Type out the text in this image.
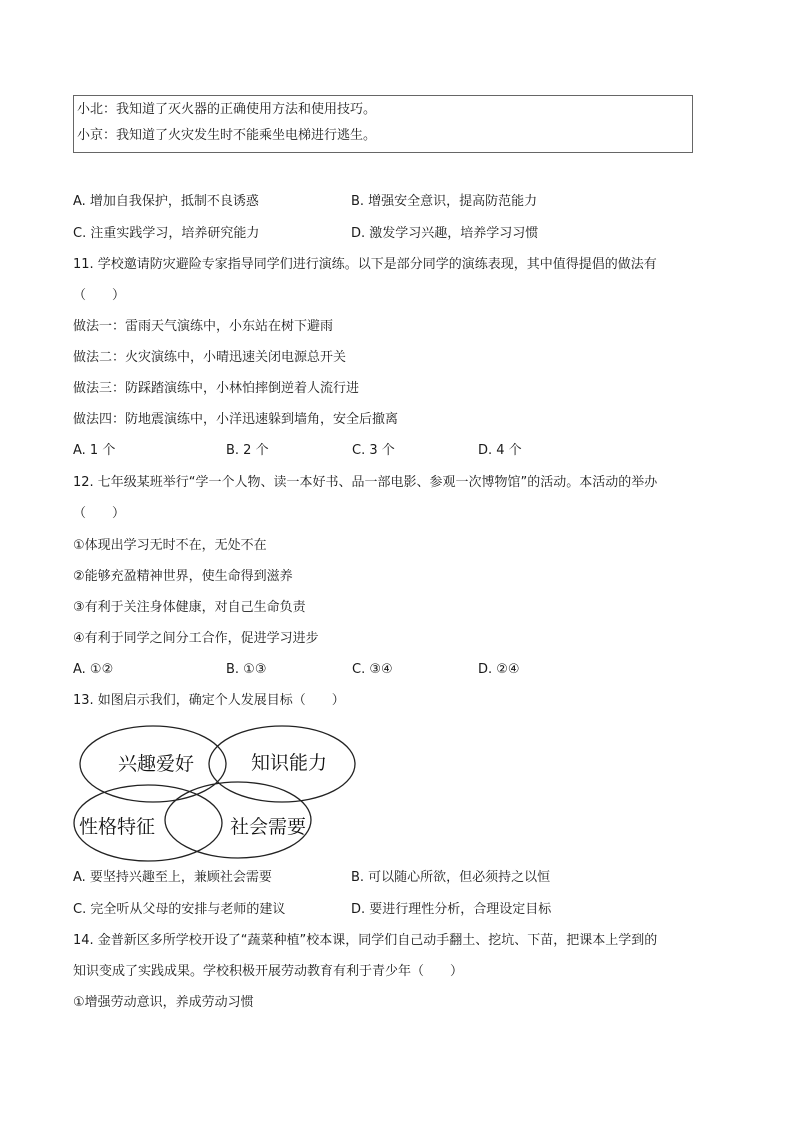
小北：我知道了灭火器的正确使用方法和使用技巧。
小京：我知道了火灾发生时不能乘坐电梯进行逃生。
A. 增加自我保护，抵制不良诱惑	B. 增强安全意识，提高防范能力
C. 注重实践学习，培养研究能力	D. 激发学习兴趣，培养学习习惯
11. 学校邀请防灾避险专家指导同学们进行演练。以下是部分同学的演练表现，其中值得提倡的做法有
（　　）
做法一：雷雨天气演练中，小东站在树下避雨
做法二：火灾演练中，小晴迅速关闭电源总开关
做法三：防踩踏演练中，小林怕摔倒逆着人流行进
做法四：防地震演练中，小洋迅速躲到墙角，安全后撤离
A. 1 个	B. 2 个	C. 3 个	D. 4 个
12. 七年级某班举行“学一个人物、读一本好书、品一部电影、参观一次博物馆”的活动。本活动的举办
（　　）
①体现出学习无时不在，无处不在
②能够充盈精神世界，使生命得到滋养
③有利于关注身体健康，对自己生命负责
④有利于同学之间分工合作，促进学习进步
A. ①②	B. ①③	C. ③④	D. ②④
13. 如图启示我们，确定个人发展目标（　　）
兴趣爱好	知识能力
性格特征	社会需要
A. 要坚持兴趣至上，兼顾社会需要	B. 可以随心所欲，但必须持之以恒
C. 完全听从父母的安排与老师的建议	D. 要进行理性分析，合理设定目标
14. 金普新区多所学校开设了“蔬菜种植”校本课，同学们自己动手翻土、挖坑、下苗，把课本上学到的
知识变成了实践成果。学校积极开展劳动教育有利于青少年（　　）
①增强劳动意识，养成劳动习惯
